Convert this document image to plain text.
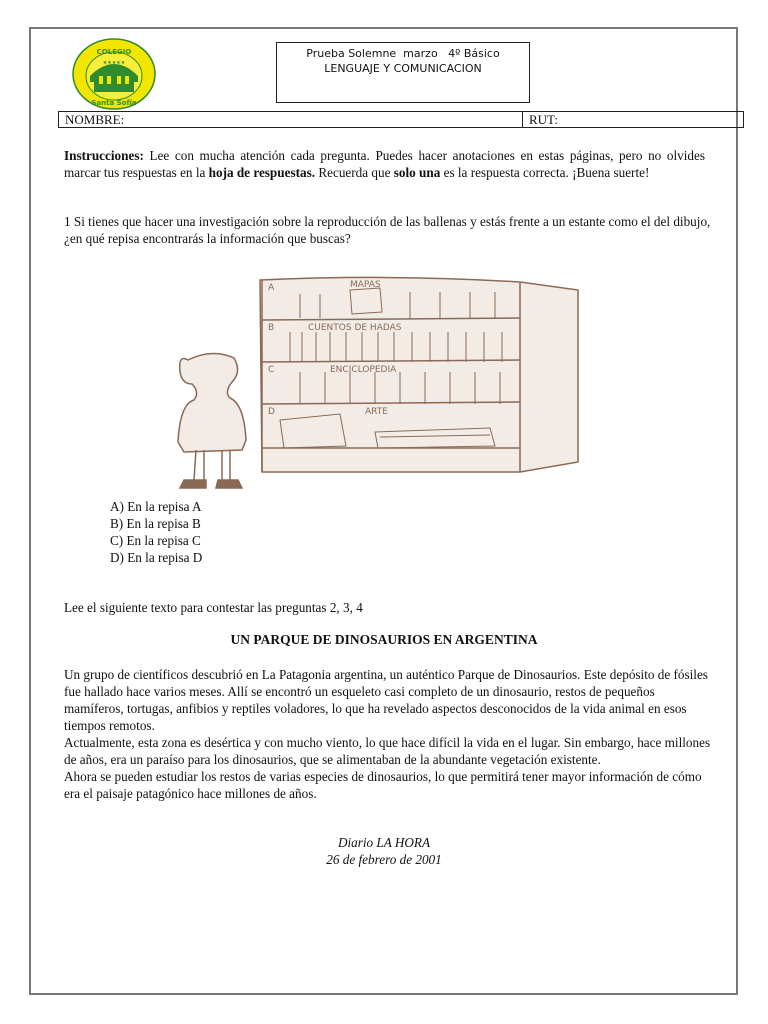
COLEGIO
Santa Sofía
★★★★★
Prueba Solemne  marzo   4º Básico
LENGUAJE Y COMUNICACION
NOMBRE:	RUT:
Instrucciones: Lee con mucha atención cada pregunta. Puedes hacer anotaciones en estas páginas, pero no olvides marcar tus respuestas en la hoja de respuestas. Recuerda que solo una es la respuesta correcta. ¡Buena suerte!
1 Si tienes que hacer una investigación sobre la reproducción de las ballenas y estás frente a un estante como el del dibujo, ¿en qué repisa encontrarás la información que buscas?
A	MAPAS
B	CUENTOS DE HADAS
C	ENCICLOPEDIA
D	ARTE
A) En la repisa A
B) En la repisa B
C) En la repisa C
D) En la repisa D
Lee el siguiente texto para contestar las preguntas 2, 3, 4
UN PARQUE DE DINOSAURIOS EN ARGENTINA

Un grupo de científicos descubrió en La Patagonia argentina, un auténtico Parque de Dinosaurios. Este depósito de fósiles fue hallado hace varios meses. Allí se encontró un esqueleto casi completo de un dinosaurio, restos de pequeños mamíferos, tortugas, anfibios y reptiles voladores, lo que ha revelado aspectos desconocidos de la vida animal en esos tiempos remotos.

Actualmente, esta zona es desértica y con mucho viento, lo que hace difícil la vida en el lugar. Sin embargo, hace millones de años, era un paraíso para los dinosaurios, que se alimentaban de la abundante vegetación existente.

Ahora se pueden estudiar los restos de varias especies de dinosaurios, lo que permitirá tener mayor información de cómo era el paisaje patagónico hace millones de años.

Diario LA HORA
26 de febrero de 2001
